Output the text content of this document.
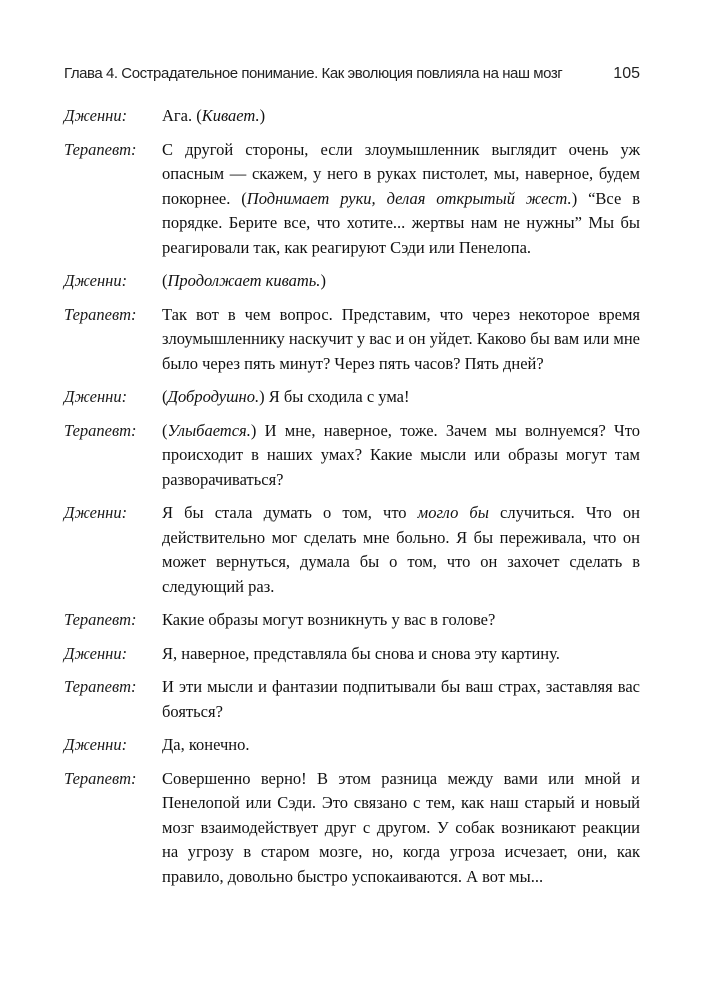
Глава 4. Сострадательное понимание. Как эволюция повлияла на наш мозг	105
Дженни:	Ага. (Кивает.)
Терапевт:	С другой стороны, если злоумышленник выглядит очень уж опасным — скажем, у него в руках пистолет, мы, наверное, будем покорнее. (Поднимает руки, делая открытый жест.) “Все в порядке. Берите все, что хотите... жертвы нам не нужны” Мы бы реагировали так, как реагируют Сэди или Пенелопа.
Дженни:	(Продолжает кивать.)
Терапевт:	Так вот в чем вопрос. Представим, что через некоторое время злоумышленнику наскучит у вас и он уйдет. Каково бы вам или мне было через пять минут? Через пять часов? Пять дней?
Дженни:	(Добродушно.) Я бы сходила с ума!
Терапевт:	(Улыбается.) И мне, наверное, тоже. Зачем мы волнуемся? Что происходит в наших умах? Какие мысли или образы могут там разворачиваться?
Дженни:	Я бы стала думать о том, что могло бы случиться. Что он действительно мог сделать мне больно. Я бы переживала, что он может вернуться, думала бы о том, что он захочет сделать в следующий раз.
Терапевт:	Какие образы могут возникнуть у вас в голове?
Дженни:	Я, наверное, представляла бы снова и снова эту картину.
Терапевт:	И эти мысли и фантазии подпитывали бы ваш страх, заставляя вас бояться?
Дженни:	Да, конечно.
Терапевт:	Совершенно верно! В этом разница между вами или мной и Пенелопой или Сэди. Это связано с тем, как наш старый и новый мозг взаимодействует друг с другом. У собак возникают реакции на угрозу в старом мозге, но, когда угроза исчезает, они, как правило, довольно быстро успокаиваются. А вот мы...
